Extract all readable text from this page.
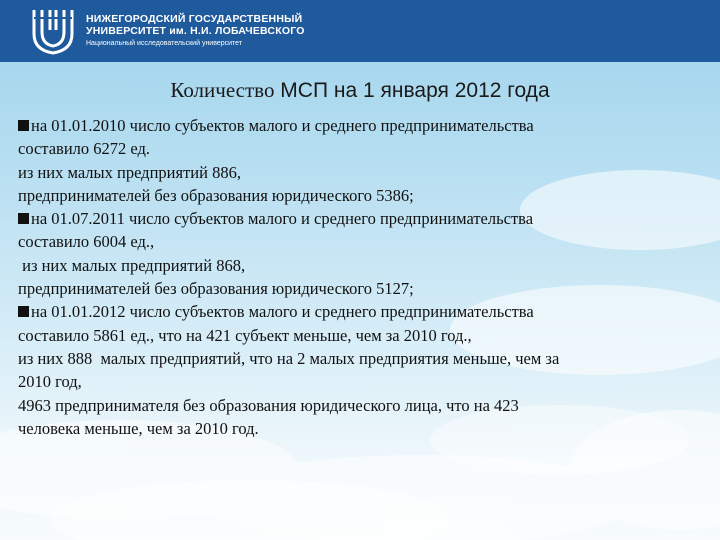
НИЖЕГОРОДСКИЙ ГОСУДАРСТВЕННЫЙ
УНИВЕРСИТЕТ им. Н.И. ЛОБАЧЕВСКОГО
Национальный исследовательский университет
Количество МСП на 1 января 2012 года
на 01.01.2010 число субъектов малого и среднего предпринимательства
составило 6272 ед.
из них малых предприятий 886,
предпринимателей без образования юридического 5386;
на 01.07.2011 число субъектов малого и среднего предпринимательства
составило 6004 ед.,
из них малых предприятий 868,
предпринимателей без образования юридического 5127;
на 01.01.2012 число субъектов малого и среднего предпринимательства
составило 5861 ед., что на 421 субъект меньше, чем за 2010 год.,
из них 888  малых предприятий, что на 2 малых предприятия меньше, чем за
2010 год,
4963 предпринимателя без образования юридического лица, что на 423
человека меньше, чем за 2010 год.
